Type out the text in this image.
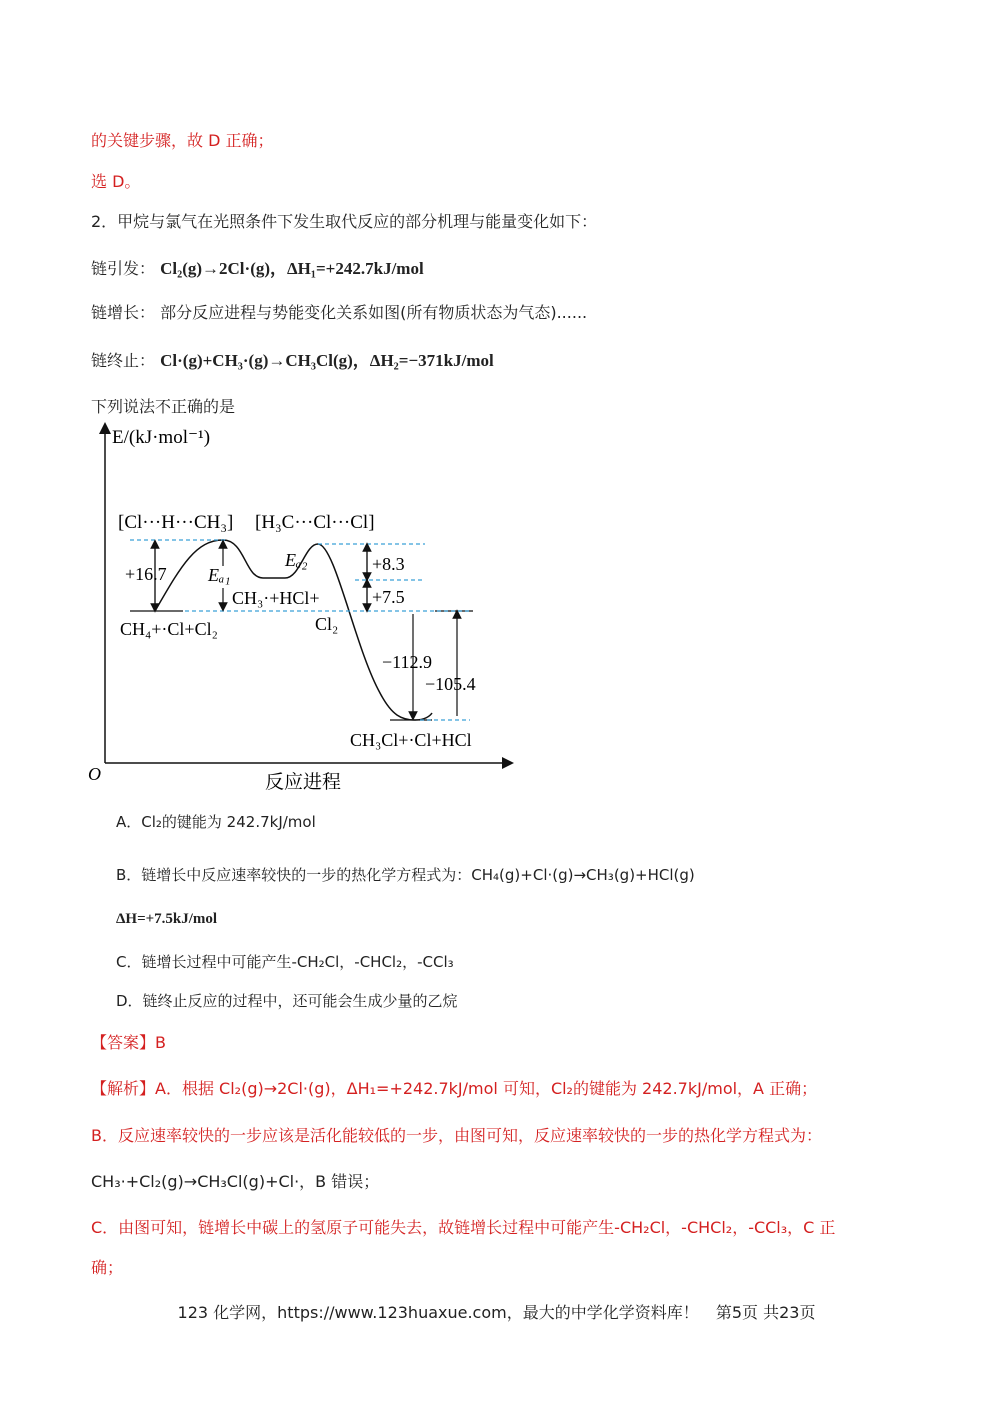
的关键步骤，故 D 正确；
选 D。
2．甲烷与氯气在光照条件下发生取代反应的部分机理与能量变化如下：
链引发： Cl₂(g)→2Cl·(g)，ΔH₁=+242.7kJ/mol
链增长： 部分反应进程与势能变化关系如图(所有物质状态为气态)......
链终止： Cl·(g)+CH₃·(g)→CH₃Cl(g)，ΔH₂=−371kJ/mol
下列说法不正确的是
E/(kJ·mol⁻¹)
O	反应进程
[Cl···H···CH₃] [H₃C···Cl···Cl]
+16.7 Eₐ₁
Eₐ₂	+8.3
+7.5
−112.9
−105.4
CH₄+·Cl+Cl₂
CH₃·+HCl+
Cl₂
CH₃Cl+·Cl+HCl
A．Cl₂的键能为 242.7kJ/mol
B．链增长中反应速率较快的一步的热化学方程式为：CH₄(g)+Cl·(g)→CH₃(g)+HCl(g)
ΔH=+7.5kJ/mol
C．链增长过程中可能产生-CH₂Cl，-CHCl₂，-CCl₃
D．链终止反应的过程中，还可能会生成少量的乙烷
【答案】B
【解析】A．根据 Cl₂(g)→2Cl·(g)，ΔH₁=+242.7kJ/mol 可知，Cl₂的键能为 242.7kJ/mol，A 正确；
B．反应速率较快的一步应该是活化能较低的一步，由图可知，反应速率较快的一步的热化学方程式为：
CH₃·+Cl₂(g)→CH₃Cl(g)+Cl·，B 错误；
C．由图可知，链增长中碳上的氢原子可能失去，故链增长过程中可能产生-CH₂Cl，-CHCl₂，-CCl₃，C 正
确；
123 化学网，https://www.123huaxue.com，最大的中学化学资料库！ 第5页 共23页
